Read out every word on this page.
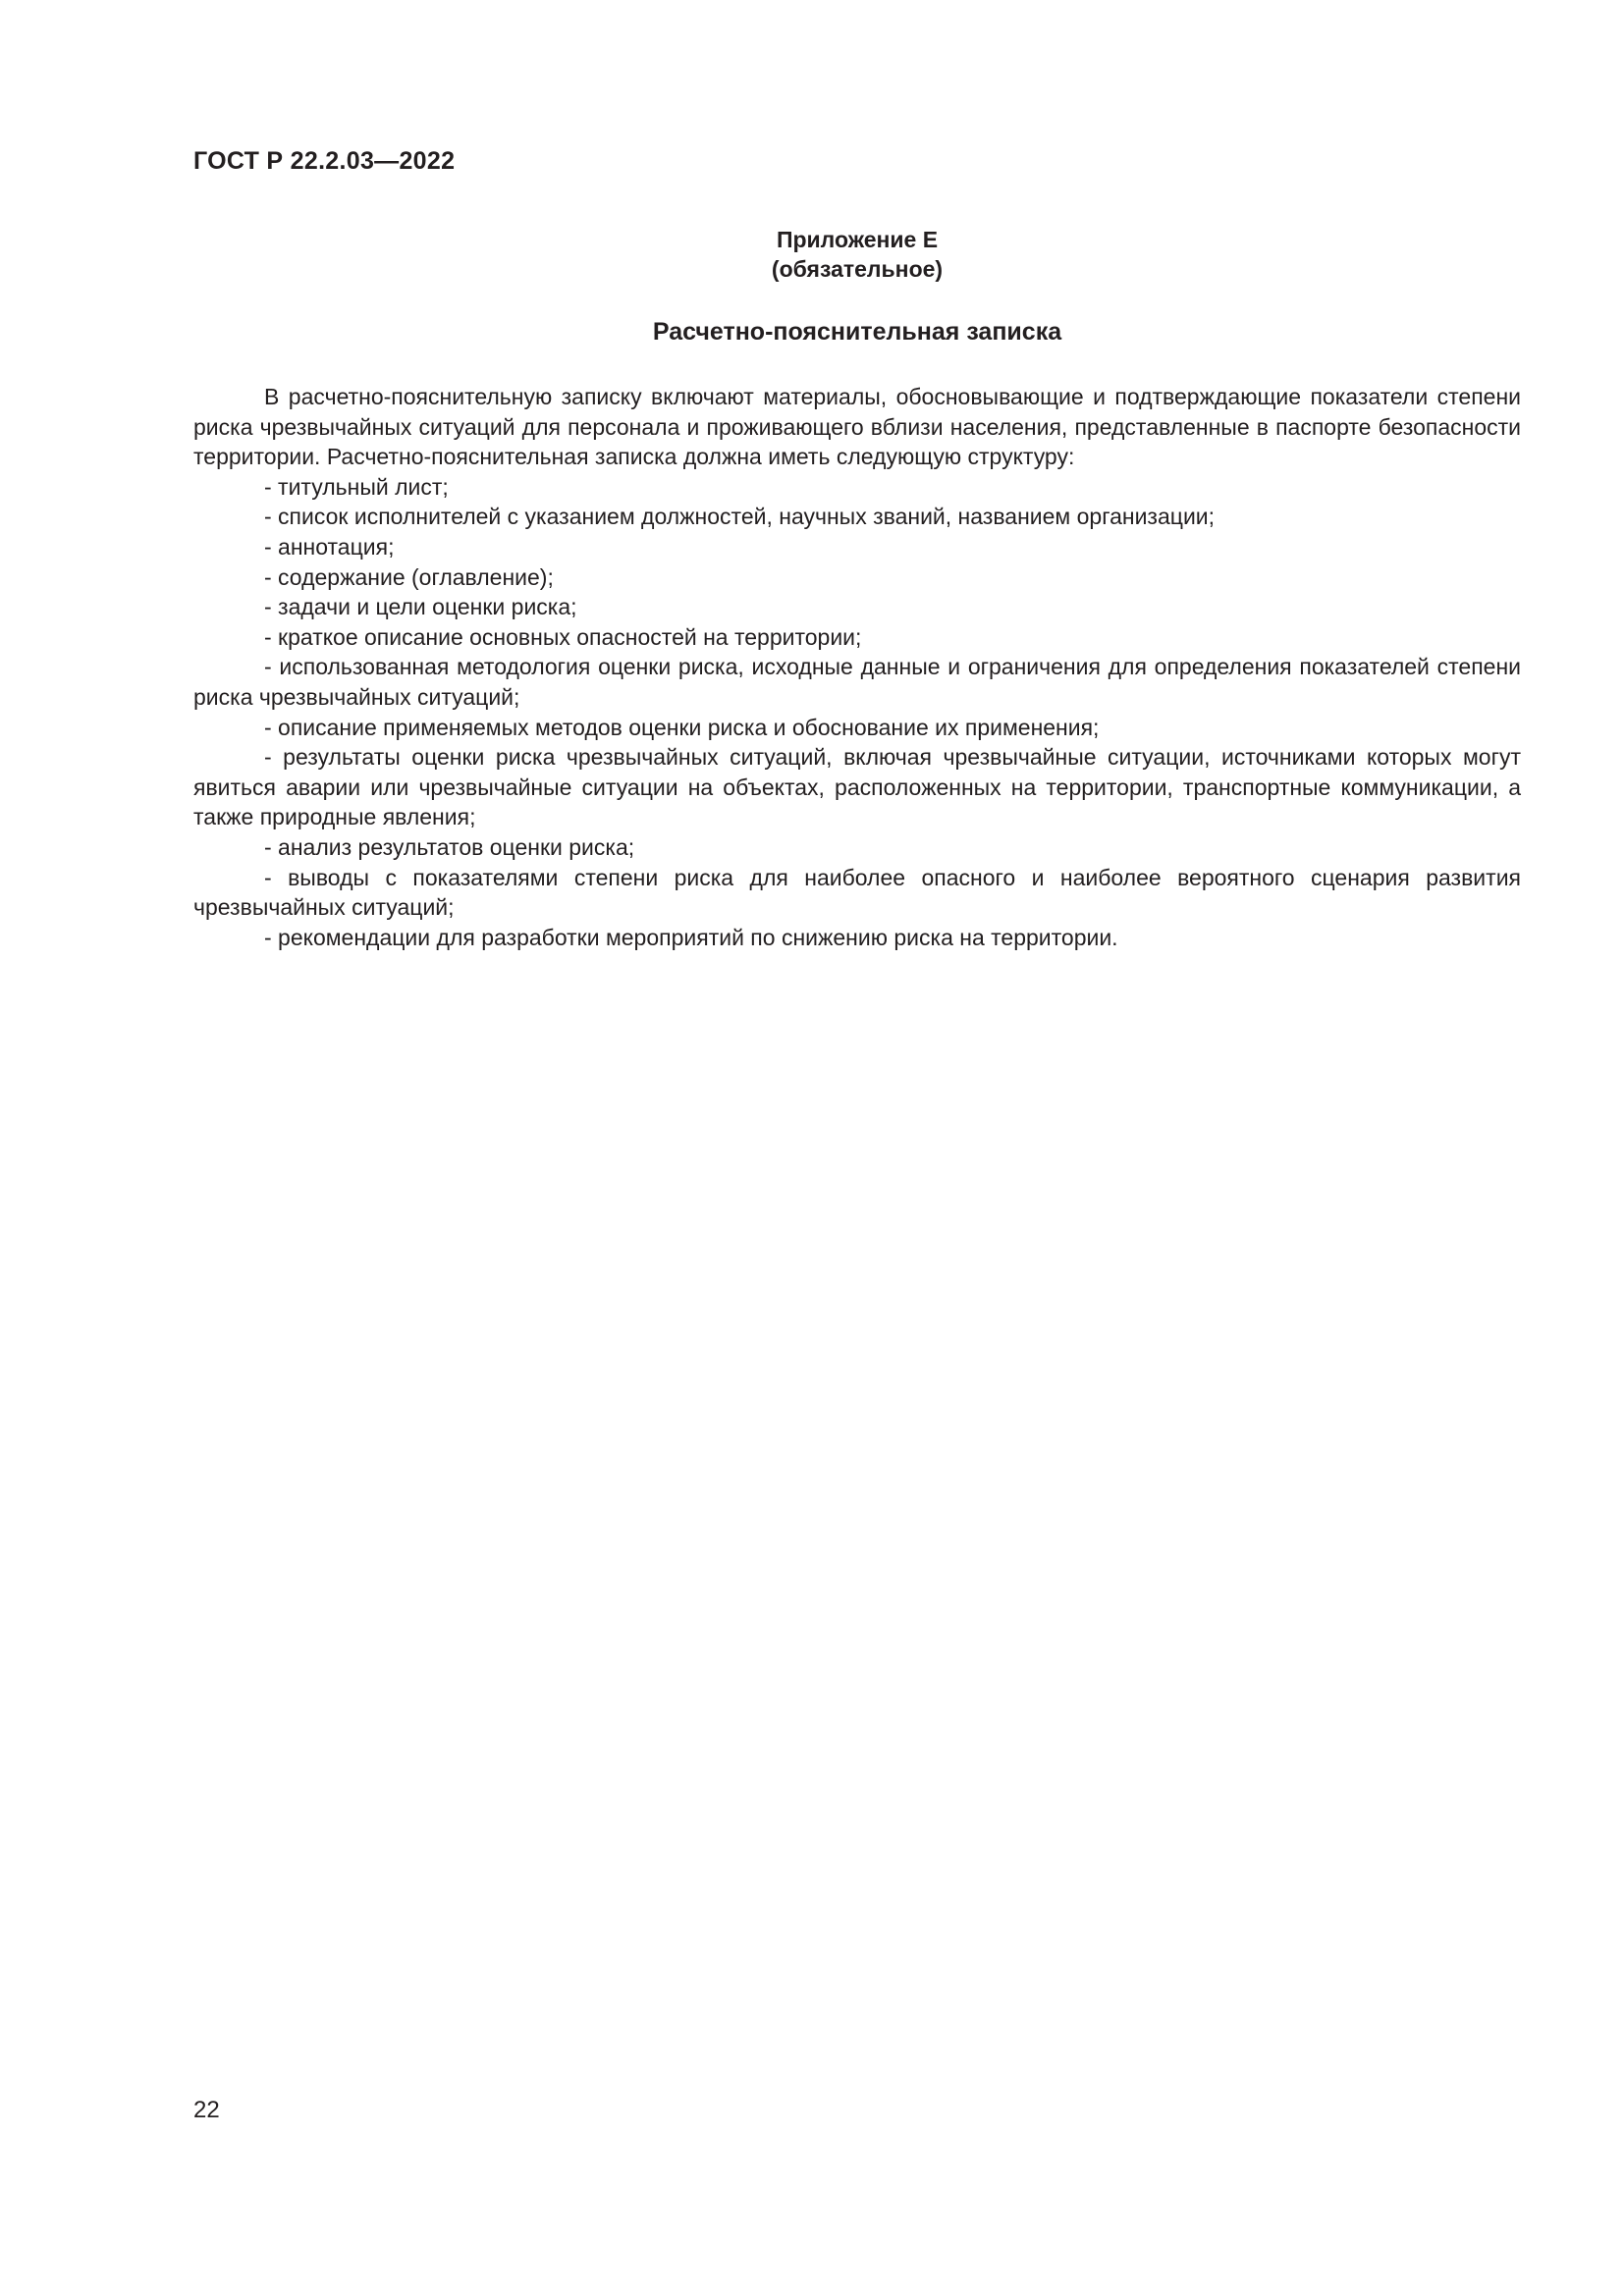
ГОСТ Р 22.2.03—2022
Приложение Е
(обязательное)
Расчетно-пояснительная записка

В расчетно-пояснительную записку включают материалы, обосновывающие и подтверждающие показатели степени риска чрезвычайных ситуаций для персонала и проживающего вблизи населения, представленные в паспорте безопасности территории. Расчетно-пояснительная записка должна иметь следующую структуру:

- титульный лист;
- список исполнителей с указанием должностей, научных званий, названием организации;
- аннотация;
- содержание (оглавление);
- задачи и цели оценки риска;
- краткое описание основных опасностей на территории;
- использованная методология оценки риска, исходные данные и ограничения для определения показателей степени риска чрезвычайных ситуаций;
- описание применяемых методов оценки риска и обоснование их применения;
- результаты оценки риска чрезвычайных ситуаций, включая чрезвычайные ситуации, источниками которых могут явиться аварии или чрезвычайные ситуации на объектах, расположенных на территории, транспортные коммуникации, а также природные явления;
- анализ результатов оценки риска;
- выводы с показателями степени риска для наиболее опасного и наиболее вероятного сценария развития чрезвычайных ситуаций;
- рекомендации для разработки мероприятий по снижению риска на территории.
22
